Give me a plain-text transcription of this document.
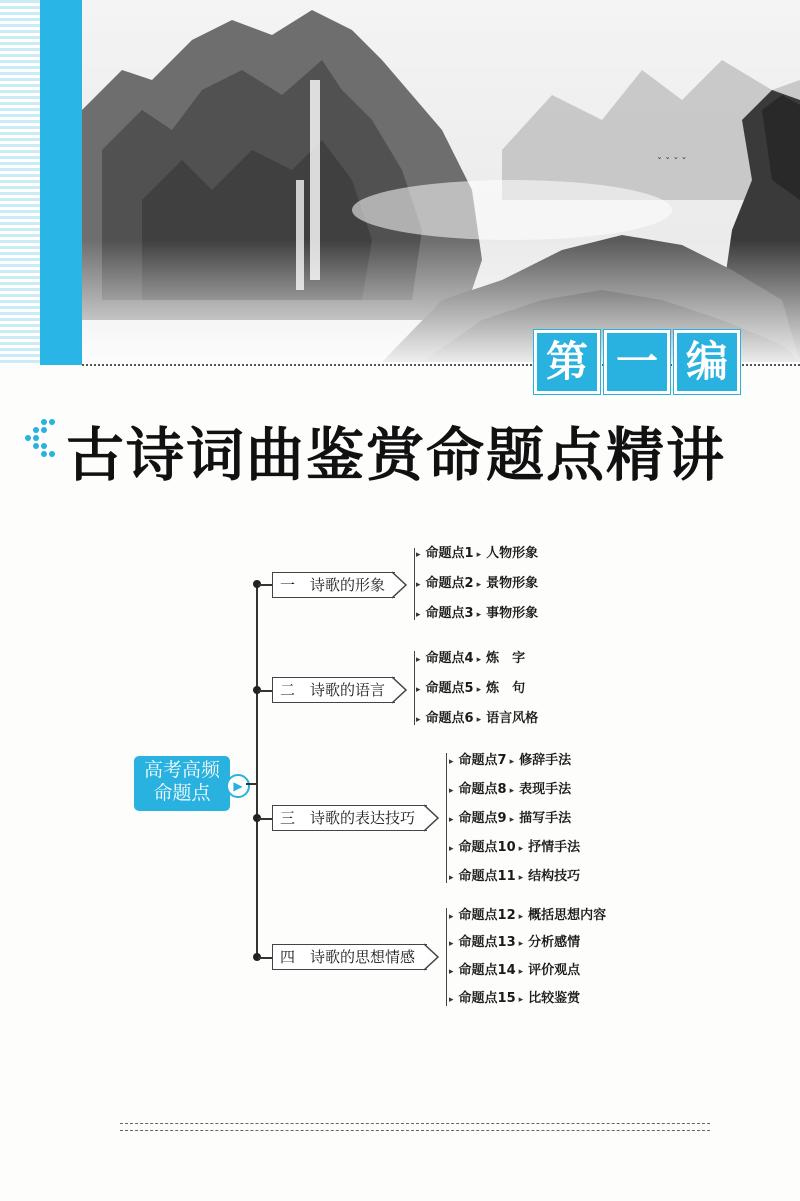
ˇ ˇ ˇ ˇ
第 一 编
古诗词曲鉴赏命题点精讲
高考高频
命题点	▶
一 诗歌的形象
二 诗歌的语言
三 诗歌的表达技巧
四 诗歌的思想情感
▸ 命题点1 ▸ 人物形象
▸ 命题点2 ▸ 景物形象
▸ 命题点3 ▸ 事物形象
▸ 命题点4 ▸ 炼　字
▸ 命题点5 ▸ 炼　句
▸ 命题点6 ▸ 语言风格
▸ 命题点7 ▸ 修辞手法
▸ 命题点8 ▸ 表现手法
▸ 命题点9 ▸ 描写手法
▸ 命题点10 ▸ 抒情手法
▸ 命题点11 ▸ 结构技巧
▸ 命题点12 ▸ 概括思想内容
▸ 命题点13 ▸ 分析感情
▸ 命题点14 ▸ 评价观点
▸ 命题点15 ▸ 比较鉴赏
